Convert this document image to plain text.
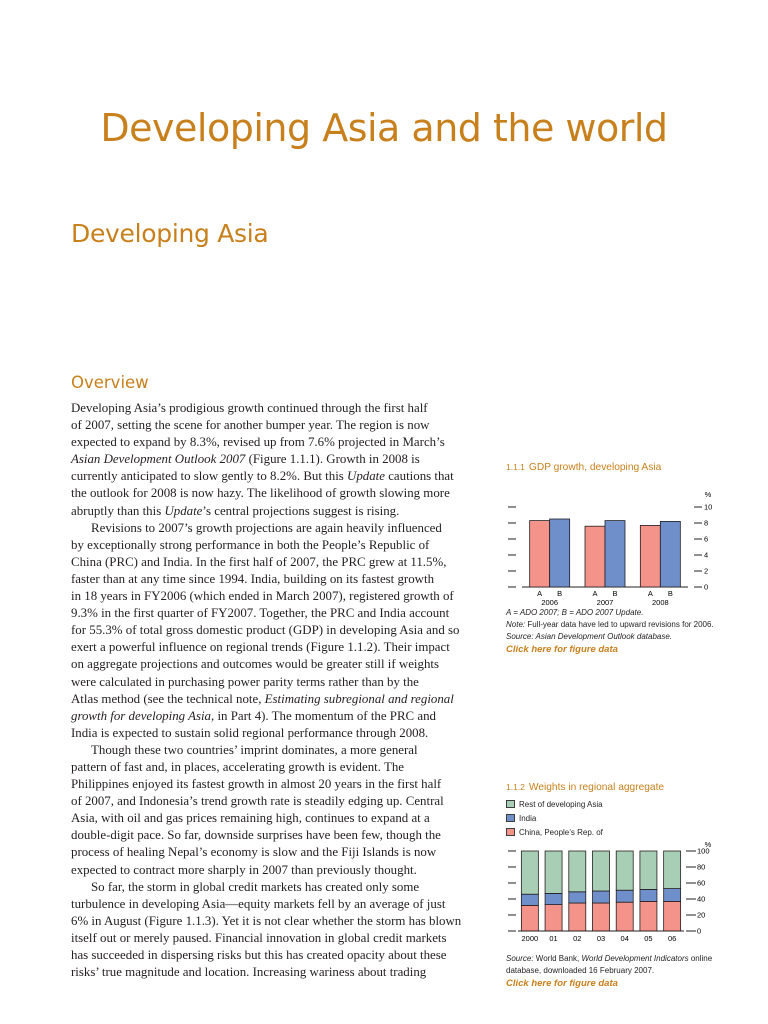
Developing Asia and the world
Developing Asia
Overview
Developing Asia’s prodigious growth continued through the first half
of 2007, setting the scene for another bumper year. The region is now
expected to expand by 8.3%, revised up from 7.6% projected in March’s
Asian Development Outlook 2007 (Figure 1.1.1). Growth in 2008 is
currently anticipated to slow gently to 8.2%. But this Update cautions that
the outlook for 2008 is now hazy. The likelihood of growth slowing more
abruptly than this Update’s central projections suggest is rising.
Revisions to 2007’s growth projections are again heavily influenced
by exceptionally strong performance in both the People’s Republic of
China (PRC) and India. In the first half of 2007, the PRC grew at 11.5%,
faster than at any time since 1994. India, building on its fastest growth
in 18 years in FY2006 (which ended in March 2007), registered growth of
9.3% in the first quarter of FY2007. Together, the PRC and India account
for 55.3% of total gross domestic product (GDP) in developing Asia and so
exert a powerful influence on regional trends (Figure 1.1.2). Their impact
on aggregate projections and outcomes would be greater still if weights
were calculated in purchasing power parity terms rather than by the
Atlas method (see the technical note, Estimating subregional and regional
growth for developing Asia, in Part 4). The momentum of the PRC and
India is expected to sustain solid regional performance through 2008.
Though these two countries’ imprint dominates, a more general
pattern of fast and, in places, accelerating growth is evident. The
Philippines enjoyed its fastest growth in almost 20 years in the first half
of 2007, and Indonesia’s trend growth rate is steadily edging up. Central
Asia, with oil and gas prices remaining high, continues to expand at a
double-digit pace. So far, downside surprises have been few, though the
process of healing Nepal’s economy is slow and the Fiji Islands is now
expected to contract more sharply in 2007 than previously thought.
So far, the storm in global credit markets has created only some
turbulence in developing Asia—equity markets fell by an average of just
6% in August (Figure 1.1.3). Yet it is not clear whether the storm has blown
itself out or merely paused. Financial innovation in global credit markets
has succeeded in dispersing risks but this has created opacity about these
risks’ true magnitude and location. Increasing wariness about trading
1.1.1 GDP growth, developing Asia
%
0
2
4
6
8
10
A B
2006
A B
2007
A B
2008
A = ADO 2007; B = ADO 2007 Update.
Note: Full-year data have led to upward revisions for 2006.
Source: Asian Development Outlook database.
Click here for figure data
1.1.2 Weights in regional aggregate
Rest of developing Asia
India
China, People’s Rep. of
%
0
20
40
60
80
100
2000 01 02 03 04 05 06
Source: World Bank, World Development Indicators online
database, downloaded 16 February 2007.
Click here for figure data
